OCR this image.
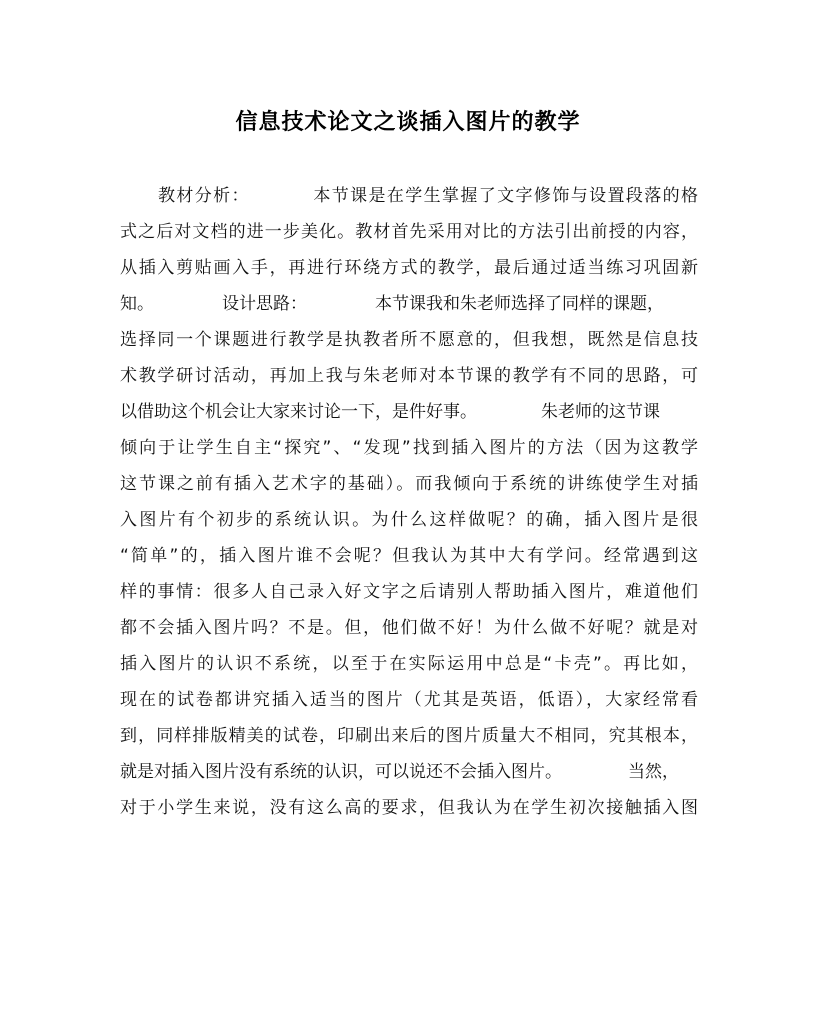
信息技术论文之谈插入图片的教学
教材分析：	本节课是在学生掌握了文字修饰与设置段落的格
式之后对文档的进一步美化。教材首先采用对比的方法引出前授的内容，
从插入剪贴画入手，再进行环绕方式的教学，最后通过适当练习巩固新
知。	设计思路：	本节课我和朱老师选择了同样的课题，
选择同一个课题进行教学是执教者所不愿意的，但我想，既然是信息技
术教学研讨活动，再加上我与朱老师对本节课的教学有不同的思路，可
以借助这个机会让大家来讨论一下，是件好事。	朱老师的这节课
倾向于让学生自主“探究”、“发现”找到插入图片的方法（因为这教学
这节课之前有插入艺术字的基础）。而我倾向于系统的讲练使学生对插
入图片有个初步的系统认识。为什么这样做呢？的确，插入图片是很
“简单”的，插入图片谁不会呢？但我认为其中大有学问。经常遇到这
样的事情：很多人自己录入好文字之后请别人帮助插入图片，难道他们
都不会插入图片吗？不是。但，他们做不好！为什么做不好呢？就是对
插入图片的认识不系统，以至于在实际运用中总是“卡壳”。再比如，
现在的试卷都讲究插入适当的图片（尤其是英语，低语），大家经常看
到，同样排版精美的试卷，印刷出来后的图片质量大不相同，究其根本，
就是对插入图片没有系统的认识，可以说还不会插入图片。	当然，
对于小学生来说，没有这么高的要求，但我认为在学生初次接触插入图
